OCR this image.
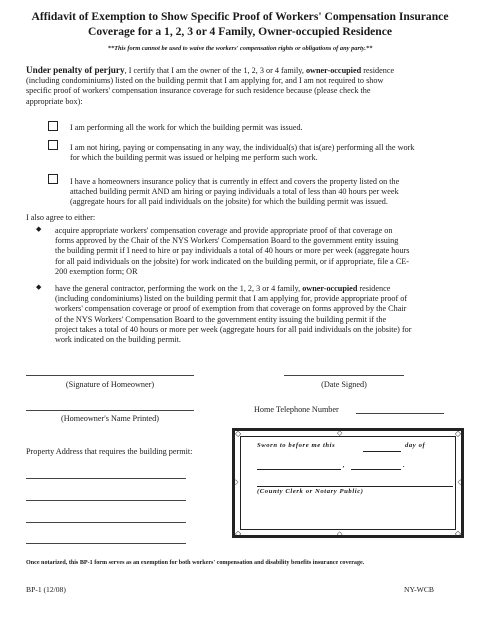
Affidavit of Exemption to Show Specific Proof of Workers' Compensation Insurance
Coverage for a 1, 2, 3 or 4 Family, Owner-occupied Residence
**This form cannot be used to waive the workers' compensation rights or obligations of any party.**
Under penalty of perjury, I certify that I am the owner of the 1, 2, 3 or 4 family, owner-occupied residence
(including condominiums) listed on the building permit that I am applying for, and I am not required to show
specific proof of workers' compensation insurance coverage for such residence because (please check the
appropriate box):
I am performing all the work for which the building permit was issued.
I am not hiring, paying or compensating in any way, the individual(s) that is(are) performing all the work
for which the building permit was issued or helping me perform such work.
I have a homeowners insurance policy that is currently in effect and covers the property listed on the
attached building permit AND am hiring or paying individuals a total of less than 40 hours per week
(aggregate hours for all paid individuals on the jobsite) for which the building permit was issued.
I also agree to either:
◆ acquire appropriate workers' compensation coverage and provide appropriate proof of that coverage on
forms approved by the Chair of the NYS Workers' Compensation Board to the government entity issuing
the building permit if I need to hire or pay individuals a total of 40 hours or more per week (aggregate hours
for all paid individuals on the jobsite) for work indicated on the building permit, or if appropriate, file a CE-
200 exemption form; OR
◆ have the general contractor, performing the work on the 1, 2, 3 or 4 family, owner-occupied residence
(including condominiums) listed on the building permit that I am applying for, provide appropriate proof of
workers' compensation coverage or proof of exemption from that coverage on forms approved by the Chair
of the NYS Workers' Compensation Board to the government entity issuing the building permit if the
project takes a total of 40 hours or more per week (aggregate hours for all paid individuals on the jobsite) for
work indicated on the building permit.
(Signature of Homeowner)	(Date Signed)
(Homeowner's Name Printed)
Home Telephone Number
Property Address that requires the building permit:
◇	◇
◇	◇
◇
◇
◇	◇
Sworn to before me this	day of
,	.
(County Clerk or Notary Public)
Once notarized, this BP-1 form serves as an exemption for both workers' compensation and disability benefits insurance coverage.
BP-1 (12/08)	NY-WCB
